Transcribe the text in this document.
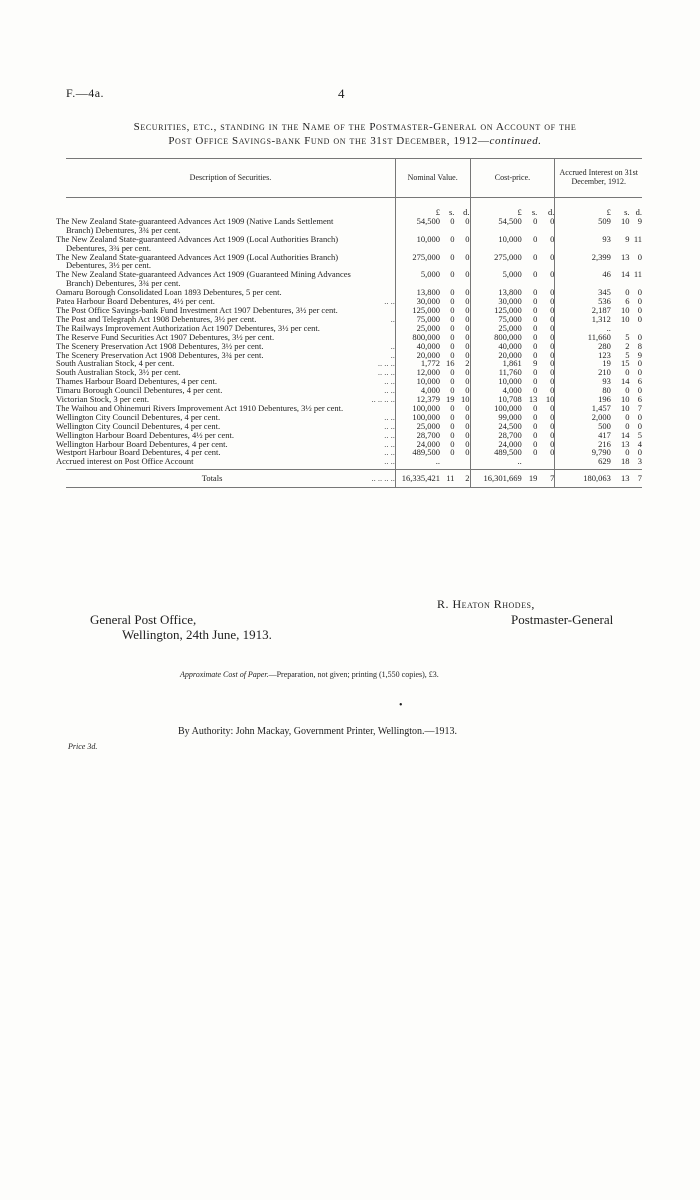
F.—4a.	4
Securities, etc., standing in the Name of the Postmaster-General on Account of the
Post Office Savings-bank Fund on the 31st December, 1912—continued.
Description of Securities.		Nominal Value.			Cost-price.			Accrued Interest on 31st December, 1912.		
		£	s.	d.	£	s.	d.	£	s.	d.
The New Zealand State-guaranteed Advances Act 1909 (Native Lands Settlement Branch) Debentures, 3¾ per cent.		54,500	0	0	54,500	0	0	509	10	9
The New Zealand State-guaranteed Advances Act 1909 (Local Authorities Branch) Debentures, 3¾ per cent.		10,000	0	0	10,000	0	0	93	9	11
The New Zealand State-guaranteed Advances Act 1909 (Local Authorities Branch) Debentures, 3½ per cent.		275,000	0	0	275,000	0	0	2,399	13	0
The New Zealand State-guaranteed Advances Act 1909 (Guaranteed Mining Advances Branch) Debentures, 3¾ per cent.		5,000	0	0	5,000	0	0	46	14	11
Oamaru Borough Consolidated Loan 1893 Debentures, 5 per cent.		13,800	0	0	13,800	0	0	345	0	0
Patea Harbour Board Debentures, 4½ per cent.	.. ..	30,000	0	0	30,000	0	0	536	6	0
The Post Office Savings-bank Fund Investment Act 1907 Debentures, 3½ per cent.		125,000	0	0	125,000	0	0	2,187	10	0
The Post and Telegraph Act 1908 Debentures, 3½ per cent.	..	75,000	0	0	75,000	0	0	1,312	10	0
The Railways Improvement Authorization Act 1907 Debentures, 3½ per cent.		25,000	0	0	25,000	0	0	..		
The Reserve Fund Securities Act 1907 Debentures, 3½ per cent.		800,000	0	0	800,000	0	0	11,660	5	0
The Scenery Preservation Act 1908 Debentures, 3½ per cent.	..	40,000	0	0	40,000	0	0	280	2	8
The Scenery Preservation Act 1908 Debentures, 3¾ per cent.	..	20,000	0	0	20,000	0	0	123	5	9
South Australian Stock, 4 per cent.	.. .. ..	1,772	16	2	1,861	9	0	19	15	0
South Australian Stock, 3½ per cent.	.. .. ..	12,000	0	0	11,760	0	0	210	0	0
Thames Harbour Board Debentures, 4 per cent.	.. ..	10,000	0	0	10,000	0	0	93	14	6
Timaru Borough Council Debentures, 4 per cent.	.. ..	4,000	0	0	4,000	0	0	80	0	0
Victorian Stock, 3 per cent.	.. .. .. ..	12,379	19	10	10,708	13	10	196	10	6
The Waihou and Ohinemuri Rivers Improvement Act 1910 Debentures, 3½ per cent.		100,000	0	0	100,000	0	0	1,457	10	7
Wellington City Council Debentures, 4 per cent.	.. ..	100,000	0	0	99,000	0	0	2,000	0	0
Wellington City Council Debentures, 4 per cent.	.. ..	25,000	0	0	24,500	0	0	500	0	0
Wellington Harbour Board Debentures, 4½ per cent.	.. ..	28,700	0	0	28,700	0	0	417	14	5
Wellington Harbour Board Debentures, 4 per cent.	.. ..	24,000	0	0	24,000	0	0	216	13	4
Westport Harbour Board Debentures, 4 per cent.	.. ..	489,500	0	0	489,500	0	0	9,790	0	0
Accrued interest on Post Office Account	.. ..	..			..			629	18	3

Totals	.. .. .. ..	16,335,421	11	2	16,301,669	19	7	180,063	13	7
General Post Office,
Wellington, 24th June, 1913.
R. Heaton Rhodes,
Postmaster-General
Approximate Cost of Paper.—Preparation, not given; printing (1,550 copies), £3.
•
By Authority: John Mackay, Government Printer, Wellington.—1913.
Price 3d.
